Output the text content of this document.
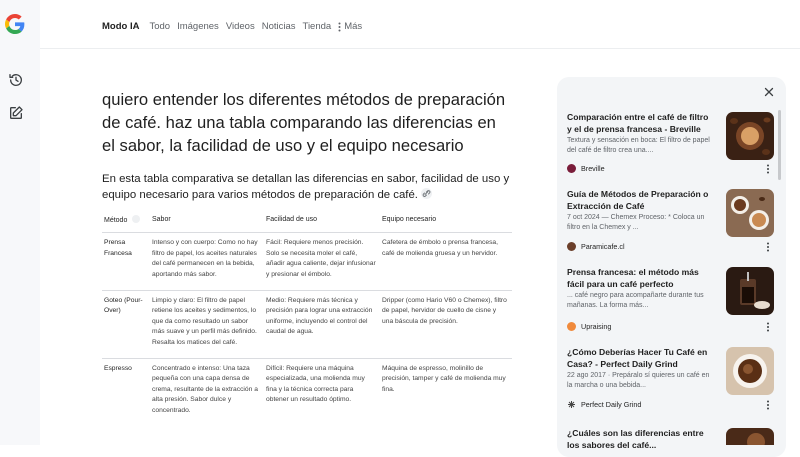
Modo IA Todo Imágenes Videos Noticias Tienda Más
quiero entender los diferentes métodos de preparación de café. haz una tabla comparando las diferencias en el sabor, la facilidad de uso y el equipo necesario
En esta tabla comparativa se detallan las diferencias en sabor, facilidad de uso y equipo necesario para varios métodos de preparación de café.
Método	Sabor	Facilidad de uso	Equipo necesario
Prensa Francesa	Intenso y con cuerpo: Como no hay filtro de papel, los aceites naturales del café permanecen en la bebida, aportando más sabor.	Fácil: Requiere menos precisión. Solo se necesita moler el café, añadir agua caliente, dejar infusionar y presionar el émbolo.	Cafetera de émbolo o prensa francesa, café de molienda gruesa y un hervidor.
Goteo (Pour-Over)	Limpio y claro: El filtro de papel retiene los aceites y sedimentos, lo que da como resultado un sabor más suave y un perfil más definido. Resalta los matices del café.	Medio: Requiere más técnica y precisión para lograr una extracción uniforme, incluyendo el control del caudal de agua.	Dripper (como Hario V60 o Chemex), filtro de papel, hervidor de cuello de cisne y una báscula de precisión.
Espresso	Concentrado e intenso: Una taza pequeña con una capa densa de crema, resultante de la extracción a alta presión. Sabor dulce y concentrado.	Difícil: Requiere una máquina especializada, una molienda muy fina y la técnica correcta para obtener un resultado óptimo.	Máquina de espresso, molinillo de precisión, tamper y café de molienda muy fina.
Comparación entre el café de filtro y el de prensa francesa - Breville
Textura y sensación en boca: El filtro de papel del café de filtro crea una....
Breville
Guía de Métodos de Preparación o Extracción de Café
7 oct 2024 — Chemex Proceso: * Coloca un filtro en la Chemex y ...
Paramicafe.cl
Prensa francesa: el método más fácil para un café perfecto
... café negro para acompañarte durante tus mañanas. La forma más...
Upraising
¿Cómo Deberías Hacer Tu Café en Casa? - Perfect Daily Grind
22 ago 2017 · Prepáralo sí quieres un café en la marcha o una bebida...
Perfect Daily Grind
¿Cuáles son las diferencias entre los sabores del café...
